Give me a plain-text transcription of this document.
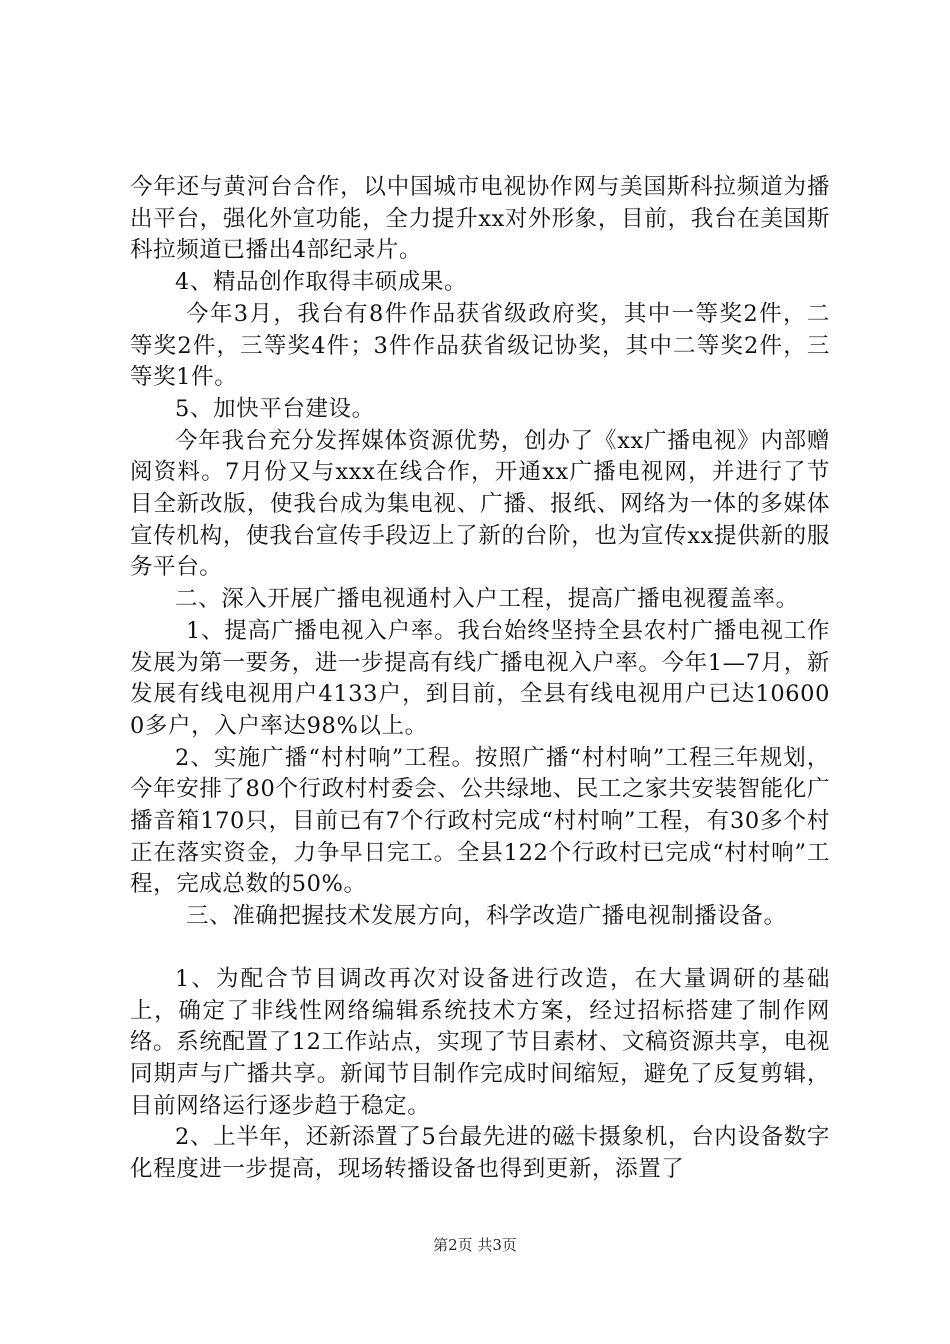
今年还与黄河台合作，以中国城市电视协作网与美国斯科拉频道为播出平台，强化外宣功能，全力提升xx对外形象，目前，我台在美国斯科拉频道已播出4部纪录片。

4、精品创作取得丰硕成果。

今年3月，我台有8件作品获省级政府奖，其中一等奖2件，二等奖2件，三等奖4件；3件作品获省级记协奖，其中二等奖2件，三等奖1件。

5、加快平台建设。

今年我台充分发挥媒体资源优势，创办了《xx广播电视》内部赠阅资料。7月份又与xxx在线合作，开通xx广播电视网，并进行了节目全新改版，使我台成为集电视、广播、报纸、网络为一体的多媒体宣传机构，使我台宣传手段迈上了新的台阶，也为宣传xx提供新的服务平台。

二、深入开展广播电视通村入户工程，提高广播电视覆盖率。

1、提高广播电视入户率。我台始终坚持全县农村广播电视工作发展为第一要务，进一步提高有线广播电视入户率。今年1—7月，新发展有线电视用户4133户，到目前，全县有线电视用户已达106000多户，入户率达98%以上。

2、实施广播“村村响”工程。按照广播“村村响”工程三年规划，今年安排了80个行政村村委会、公共绿地、民工之家共安装智能化广播音箱170只，目前已有7个行政村完成“村村响”工程，有30多个村正在落实资金，力争早日完工。全县122个行政村已完成“村村响”工程，完成总数的50%。

三、准确把握技术发展方向，科学改造广播电视制播设备。

1、为配合节目调改再次对设备进行改造，在大量调研的基础上，确定了非线性网络编辑系统技术方案，经过招标搭建了制作网络。系统配置了12工作站点，实现了节目素材、文稿资源共享，电视同期声与广播共享。新闻节目制作完成时间缩短，避免了反复剪辑，目前网络运行逐步趋于稳定。

2、上半年，还新添置了5台最先进的磁卡摄象机，台内设备数字化程度进一步提高，现场转播设备也得到更新，添置了

第2页 共3页
